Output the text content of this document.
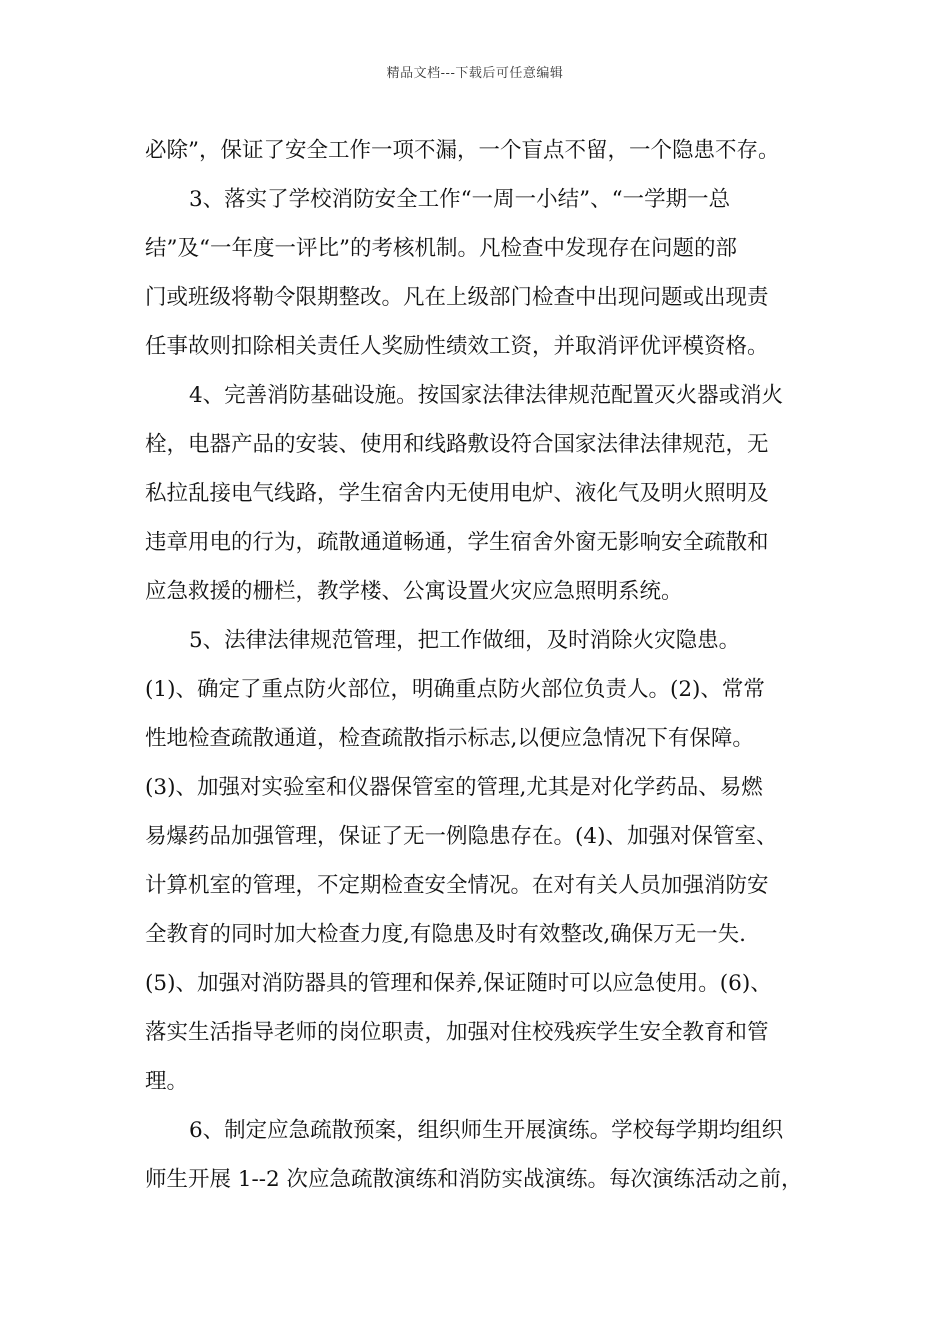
精品文档---下载后可任意编辑
必除”，保证了安全工作一项不漏，一个盲点不留，一个隐患不存。
3、落实了学校消防安全工作“一周一小结”、“一学期一总
结”及“一年度一评比”的考核机制。凡检查中发现存在问题的部
门或班级将勒令限期整改。凡在上级部门检查中出现问题或出现责
任事故则扣除相关责任人奖励性绩效工资，并取消评优评模资格。
4、完善消防基础设施。按国家法律法律规范配置灭火器或消火
栓，电器产品的安装、使用和线路敷设符合国家法律法律规范，无
私拉乱接电气线路，学生宿舍内无使用电炉、液化气及明火照明及
违章用电的行为，疏散通道畅通，学生宿舍外窗无影响安全疏散和
应急救援的栅栏，教学楼、公寓设置火灾应急照明系统。
5、法律法律规范管理，把工作做细，及时消除火灾隐患。
(1)、确定了重点防火部位，明确重点防火部位负责人。(2)、常常
性地检查疏散通道，检查疏散指示标志,以便应急情况下有保障。
(3)、加强对实验室和仪器保管室的管理,尤其是对化学药品、易燃
易爆药品加强管理，保证了无一例隐患存在。(4)、加强对保管室、
计算机室的管理，不定期检查安全情况。在对有关人员加强消防安
全教育的同时加大检查力度,有隐患及时有效整改,确保万无一失.
(5)、加强对消防器具的管理和保养,保证随时可以应急使用。(6)、
落实生活指导老师的岗位职责，加强对住校残疾学生安全教育和管
理。
6、制定应急疏散预案，组织师生开展演练。学校每学期均组织
师生开展 1--2 次应急疏散演练和消防实战演练。每次演练活动之前，
